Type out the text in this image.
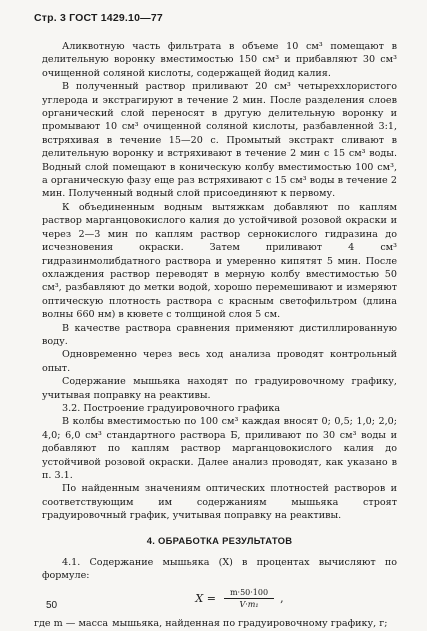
Стр. 3 ГОСТ 1429.10—77

Аликвотную часть фильтрата в объеме 10 см³ помещают в делительную воронку вместимостью 150 см³ и прибавляют 30 см³ очищенной соляной кислоты, содержащей йодид калия.

В полученный раствор приливают 20 см³ четыреххлористого углерода и экстрагируют в течение 2 мин. После разделения слоев органический слой переносят в другую делительную воронку и промывают 10 см³ очищенной соляной кислоты, разбавленной 3:1, встряхивая в течение 15—20 с. Промытый экстракт сливают в делительную воронку и встряхивают в течение 2 мин с 15 см³ воды. Водный слой помещают в коническую колбу вместимостью 100 см³, а органическую фазу еще раз встряхивают с 15 см³ воды в течение 2 мин. Полученный водный слой присоединяют к первому.

К объединенным водным вытяжкам добавляют по каплям раствор марганцовокислого калия до устойчивой розовой окраски и через 2—3 мин по каплям раствор сернокислого гидразина до исчезновения окраски. Затем приливают 4 см³ гидразинмолибдатного раствора и умеренно кипятят 5 мин. После охлаждения раствор переводят в мерную колбу вместимостью 50 см³, разбавляют до метки водой, хорошо перемешивают и измеряют оптическую плотность раствора с красным светофильтром (длина волны 660 нм) в кювете с толщиной слоя 5 см.

В качестве раствора сравнения применяют дистиллированную воду.

Одновременно через весь ход анализа проводят контрольный опыт.

Содержание мышьяка находят по градуировочному графику, учитывая поправку на реактивы.

3.2. Построение градуировочного графика

В колбы вместимостью по 100 см³ каждая вносят 0; 0,5; 1,0; 2,0; 4,0; 6,0 см³ стандартного раствора Б, приливают по 30 см³ воды и добавляют по каплям раствор марганцовокислого калия до устойчивой розовой окраски. Далее анализ проводят, как указано в п. 3.1.

По найденным значениям оптических плотностей растворов и соответствующим им содержаниям мышьяка строят градуировочный график, учитывая поправку на реактивы.

4. ОБРАБОТКА РЕЗУЛЬТАТОВ

4.1. Содержание мышьяка (X) в процентах вычисляют по формуле:

$X = \frac{m\cdot 50\cdot 100}{\text{V·m₁}}$ ,
где m — масса мышьяка, найденная по градуировочному графику, г;
50
